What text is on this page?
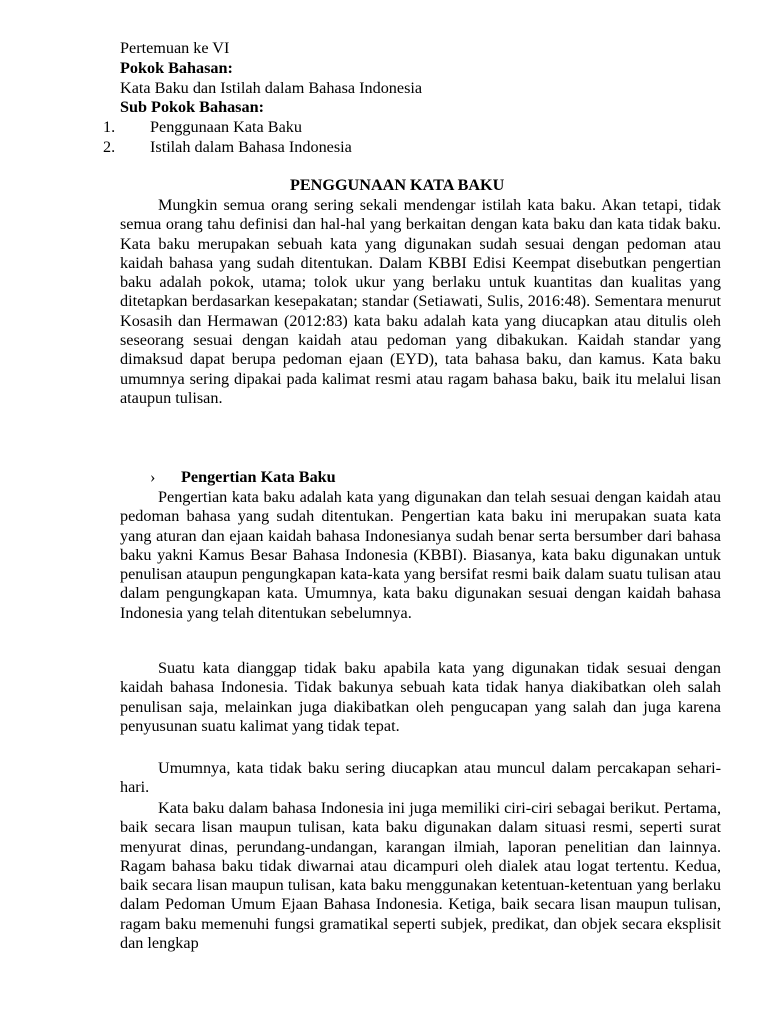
Pertemuan ke VI
Pokok Bahasan:
Kata Baku dan Istilah dalam Bahasa Indonesia
Sub Pokok Bahasan:
1. Penggunaan Kata Baku
2. Istilah dalam Bahasa Indonesia
PENGGUNAAN KATA BAKU
Mungkin semua orang sering sekali mendengar istilah kata baku. Akan tetapi, tidak semua orang tahu definisi dan hal-hal yang berkaitan dengan kata baku dan kata tidak baku. Kata baku merupakan sebuah kata yang digunakan sudah sesuai dengan pedoman atau kaidah bahasa yang sudah ditentukan. Dalam KBBI Edisi Keempat disebutkan pengertian baku adalah pokok, utama; tolok ukur yang berlaku untuk kuantitas dan kualitas yang ditetapkan berdasarkan kesepakatan; standar (Setiawati, Sulis, 2016:48). Sementara menurut Kosasih dan Hermawan (2012:83) kata baku adalah kata yang diucapkan atau ditulis oleh seseorang sesuai dengan kaidah atau pedoman yang dibakukan. Kaidah standar yang dimaksud dapat berupa pedoman ejaan (EYD), tata bahasa baku, dan kamus. Kata baku umumnya sering dipakai pada kalimat resmi atau ragam bahasa baku, baik itu melalui lisan ataupun tulisan.
› Pengertian Kata Baku
Pengertian kata baku adalah kata yang digunakan dan telah sesuai dengan kaidah atau pedoman bahasa yang sudah ditentukan. Pengertian kata baku ini merupakan suata kata yang aturan dan ejaan kaidah bahasa Indonesianya sudah benar serta bersumber dari bahasa baku yakni Kamus Besar Bahasa Indonesia (KBBI). Biasanya, kata baku digunakan untuk penulisan ataupun pengungkapan kata-kata yang bersifat resmi baik dalam suatu tulisan atau dalam pengungkapan kata. Umumnya, kata baku digunakan sesuai dengan kaidah bahasa Indonesia yang telah ditentukan sebelumnya.
Suatu kata dianggap tidak baku apabila kata yang digunakan tidak sesuai dengan kaidah bahasa Indonesia. Tidak bakunya sebuah kata tidak hanya diakibatkan oleh salah penulisan saja, melainkan juga diakibatkan oleh pengucapan yang salah dan juga karena penyusunan suatu kalimat yang tidak tepat.
Umumnya, kata tidak baku sering diucapkan atau muncul dalam percakapan sehari-hari.
Kata baku dalam bahasa Indonesia ini juga memiliki ciri-ciri sebagai berikut. Pertama, baik secara lisan maupun tulisan, kata baku digunakan dalam situasi resmi, seperti surat menyurat dinas, perundang-undangan, karangan ilmiah, laporan penelitian dan lainnya. Ragam bahasa baku tidak diwarnai atau dicampuri oleh dialek atau logat tertentu. Kedua, baik secara lisan maupun tulisan, kata baku menggunakan ketentuan-ketentuan yang berlaku dalam Pedoman Umum Ejaan Bahasa Indonesia. Ketiga, baik secara lisan maupun tulisan, ragam baku memenuhi fungsi gramatikal seperti subjek, predikat, dan objek secara eksplisit dan lengkap
